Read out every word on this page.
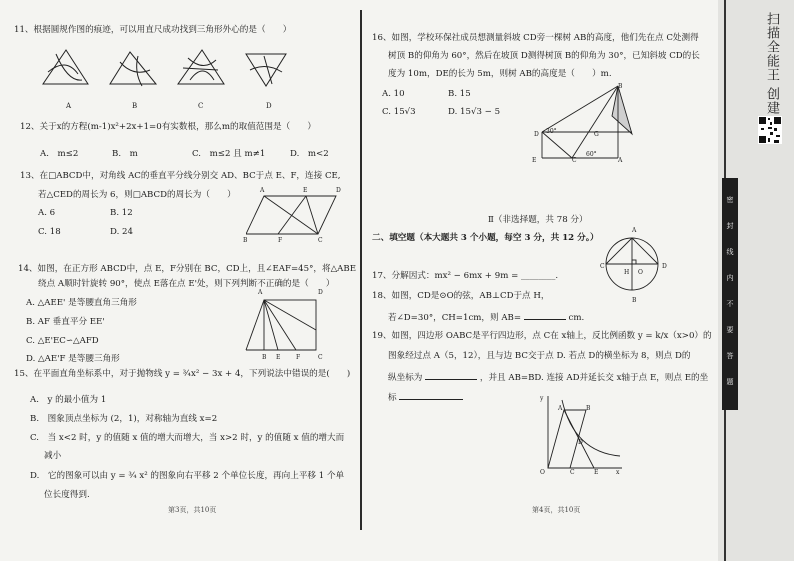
11、根据圆规作图的痕迹，可以用直尺成功找到三角形外心的是（　　）
A	B	C	D
12、关于x的方程(m-1)x²+2x+1=0有实数根，那么m的取值范围是（　　）
A.　m≤2	B.　m	C.　m≤2 且 m≠1	D.　m<2
13、在□ABCD中，对角线 AC的垂直平分线分别交 AD、BC于点 E、F，连接 CE,
若△CED的周长为 6，则□ABCD的周长为（　　）
A. 6	B. 12
C. 18	D. 24
A	E	D
B	F	C
14、如图，在正方形 ABCD中，点 E，F分别在 BC，CD上，且∠EAF=45°，将△ABE
绕点 A顺时针旋转 90°，使点 E落在点 E'处，则下列判断不正确的是（　　）
A. △AEE' 是等腰直角三角形
B. AF 垂直平分 EE'
C. △E'EC∽△AFD
D. △AE'F 是等腰三角形
A	D
B E	F	C
15、在平面直角坐标系中，对于抛物线 y = ¾x² − 3x + 4，下列说法中错误的是(　　)
A.　y 的最小值为 1
B.　图象顶点坐标为 (2，1)，对称轴为直线 x=2
C.　当 x<2 时，y 的值随 x 值的增大而增大，当 x>2 时，y 的值随 x 值的增大而
减小
D.　它的图象可以由 y = ¾ x² 的图象向右平移 2 个单位长度，再向上平移 1 个单
位长度得到.
第3页，共10页
16、如图，学校环保社成员想测量斜坡 CD旁一棵树 AB的高度，他们先在点 C处测得
树顶 B的仰角为 60°，然后在坡顶 D测得树顶 B的仰角为 30°，已知斜坡 CD的长
度为 10m，DE的长为 5m，则树 AB的高度是（　　）m.
A. 10	B. 15
C. 15√3	D. 15√3 − 5
B
D 30°	G
60°
E	C	A
Ⅱ（非选择题，共 78 分）
二、填空题（本大题共 3 个小题，每空 3 分，共 12 分。）
17、分解因式：mx² − 6mx + 9m = ________.
18、如图，CD是⊙O的弦，AB⊥CD于点 H，
若∠D=30°，CH=1cm，则 AB=	cm.
A
C
H O
D
B
19、如图，四边形 OABC是平行四边形，点 C在 x轴上，反比例函数 y = k/x（x>0）的
图象经过点 A（5，12），且与边 BC交于点 D. 若点 D的横坐标为 8，则点 D的
纵坐标为	，并且 AB=BD. 连接 AD并延长交 x轴于点 E，则点 E的坐
标	y
x
O
A	B
D
C	E
第4页，共10页
密
封
线
内
不
要
答
题
扫描全能王 创建
